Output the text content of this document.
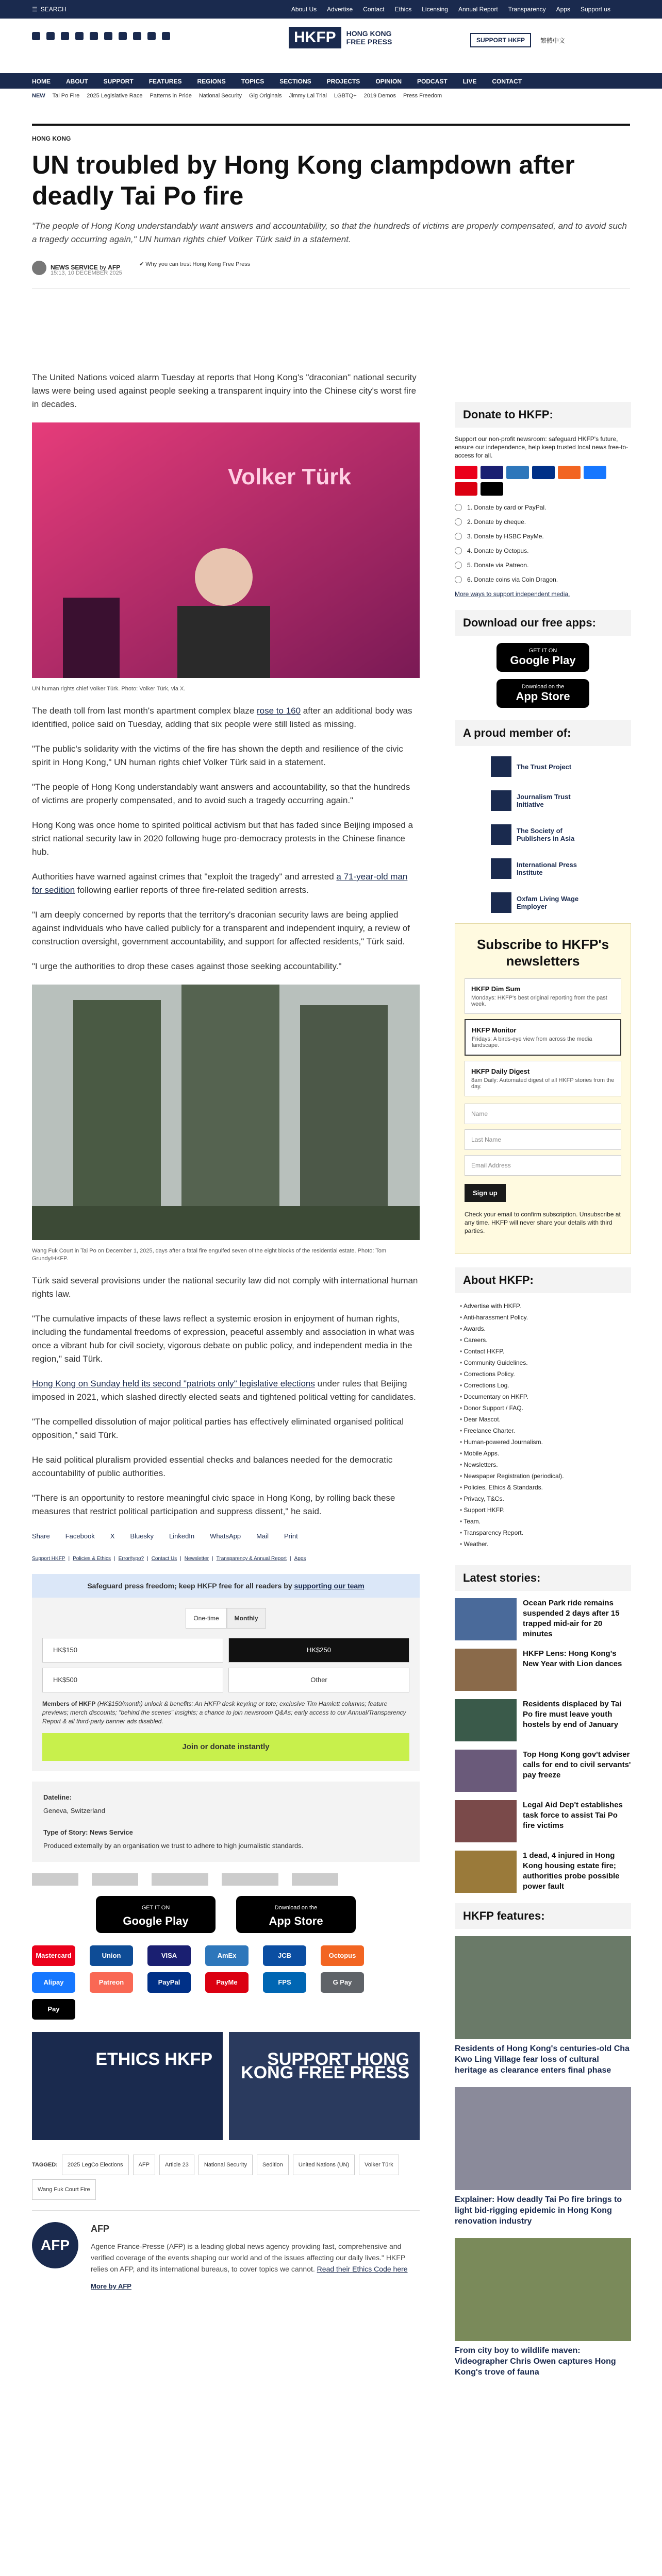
☰ SEARCH	About Us Advertise Contact Ethics Licensing Annual Report Transparency Apps Support us
HKFP	HONG KONG
FREE PRESS	SUPPORT HKFP	繁體中文
HOME	ABOUT	SUPPORT	FEATURES	REGIONS	TOPICS	SECTIONS	PROJECTS	OPINION	PODCAST	LIVE	CONTACT
NEW Tai Po Fire 2025 Legislative Race Patterns in Pride National Security Gig Originals Jimmy Lai Trial LGBTQ+ 2019 Demos Press Freedom
HONG KONG
UN troubled by Hong Kong clampdown after deadly Tai Po fire
"The people of Hong Kong understandably want answers and accountability, so that the hundreds of victims are properly compensated, and to avoid such a tragedy occurring again," UN human rights chief Volker Türk said in a statement.
NEWS SERVICE by AFP
15:13, 10 DECEMBER 2025
✔ Why you can trust Hong Kong Free Press

The United Nations voiced alarm Tuesday at reports that Hong Kong's "draconian" national security laws were being used against people seeking a transparent inquiry into the Chinese city's worst fire in decades.

Volker Türk
UN human rights chief Volker Türk. Photo: Volker Türk, via X.

The death toll from last month's apartment complex blaze rose to 160 after an additional body was identified, police said on Tuesday, adding that six people were still listed as missing.

"The public's solidarity with the victims of the fire has shown the depth and resilience of the civic spirit in Hong Kong," UN human rights chief Volker Türk said in a statement.

"The people of Hong Kong understandably want answers and accountability, so that the hundreds of victims are properly compensated, and to avoid such a tragedy occurring again."

Hong Kong was once home to spirited political activism but that has faded since Beijing imposed a strict national security law in 2020 following huge pro-democracy protests in the Chinese finance hub.

Authorities have warned against crimes that "exploit the tragedy" and arrested a 71-year-old man for sedition following earlier reports of three fire-related sedition arrests.

"I am deeply concerned by reports that the territory's draconian security laws are being applied against individuals who have called publicly for a transparent and independent inquiry, a review of construction oversight, government accountability, and support for affected residents," Türk said.

"I urge the authorities to drop these cases against those seeking accountability."

Wang Fuk Court in Tai Po on December 1, 2025, days after a fatal fire engulfed seven of the eight blocks of the residential estate. Photo: Tom Grundy/HKFP.

Türk said several provisions under the national security law did not comply with international human rights law.

"The cumulative impacts of these laws reflect a systemic erosion in enjoyment of human rights, including the fundamental freedoms of expression, peaceful assembly and association in what was once a vibrant hub for civil society, vigorous debate on public policy, and independent media in the region," said Türk.

Hong Kong on Sunday held its second "patriots only" legislative elections under rules that Beijing imposed in 2021, which slashed directly elected seats and tightened political vetting for candidates.

"The compelled dissolution of major political parties has effectively eliminated organised political opposition," said Türk.

He said political pluralism provided essential checks and balances needed for the democratic accountability of public authorities.

"There is an opportunity to restore meaningful civic space in Hong Kong, by rolling back these measures that restrict political participation and suppress dissent," he said.

Share Facebook X Bluesky LinkedIn WhatsApp Mail Print
Support HKFP | Policies & Ethics | Error/typo? | Contact Us | Newsletter | Transparency & Annual Report | Apps
Safeguard press freedom; keep HKFP free for all readers by supporting our team
One-time	Monthly
HK$150	HK$250
HK$500	Other
Members of HKFP (HK$150/month) unlock & benefits: An HKFP desk keyring or tote; exclusive Tim Hamlett columns; feature previews; merch discounts; "behind the scenes" insights; a chance to join newsroom Q&As; early access to our Annual/Transparency Report & all third-party banner ads disabled.
Join or donate instantly
Dateline:
Geneva, Switzerland
Type of Story: News Service
Produced externally by an organisation we trust to adhere to high journalistic standards.
GET IT ON
Google Play
Download on the
App Store
Mastercard	Union	VISA	AmEx	JCB	Octopus
Alipay	Patreon	PayPal	PayMe	FPS	G Pay
Pay
ETHICS HKFP	SUPPORT HONG KONG FREE PRESS
TAGGED:	2025 LegCo Elections	AFP	Article 23	National Security	Sedition	United Nations (UN)	Volker Türk
Wang Fuk Court Fire
AFP
AFP
Agence France-Presse (AFP) is a leading global news agency providing fast, comprehensive and verified coverage of the events shaping our world and of the issues affecting our daily lives." HKFP relies on AFP, and its international bureaus, to cover topics we cannot. Read their Ethics Code here
More by AFP
Donate to HKFP:
Support our non-profit newsroom: safeguard HKFP's future, ensure our independence, help keep trusted local news free-to-access for all.
1. Donate by card or PayPal.
2. Donate by cheque.
3. Donate by HSBC PayMe.
4. Donate by Octopus.
5. Donate via Patreon.
6. Donate coins via Coin Dragon.
More ways to support independent media.
Download our free apps:
GET IT ON
Google Play
Download on the
App Store
A proud member of:
The Trust Project
Journalism Trust Initiative
The Society of Publishers in Asia
International Press Institute
Oxfam Living Wage Employer
Subscribe to HKFP's newsletters
HKFP Dim Sum
Mondays: HKFP's best original reporting from the past week.
HKFP Monitor
Fridays: A birds-eye view from across the media landscape.
HKFP Daily Digest
8am Daily: Automated digest of all HKFP stories from the day.
Name
Last Name
Email Address
Sign up
Check your email to confirm subscription. Unsubscribe at any time. HKFP will never share your details with third parties.
About HKFP:
• Advertise with HKFP.
• Anti-harassment Policy.
• Awards.
• Careers.
• Contact HKFP.
• Community Guidelines.
• Corrections Policy.
• Corrections Log.
• Documentary on HKFP.
• Donor Support / FAQ.
• Dear Mascot.
• Freelance Charter.
• Human-powered Journalism.
• Mobile Apps.
• Newsletters.
• Newspaper Registration (periodical).
• Policies, Ethics & Standards.
• Privacy, T&Cs.
• Support HKFP.
• Team.
• Transparency Report.
• Weather.
Latest stories:
Ocean Park ride remains suspended 2 days after 15 trapped mid-air for 20 minutes
HKFP Lens: Hong Kong's New Year with Lion dances
Residents displaced by Tai Po fire must leave youth hostels by end of January
Top Hong Kong gov't adviser calls for end to civil servants' pay freeze
Legal Aid Dep't establishes task force to assist Tai Po fire victims
1 dead, 4 injured in Hong Kong housing estate fire; authorities probe possible power fault
HKFP features:
Residents of Hong Kong's centuries-old Cha Kwo Ling Village fear loss of cultural heritage as clearance enters final phase
Explainer: How deadly Tai Po fire brings to light bid-rigging epidemic in Hong Kong renovation industry
From city boy to wildlife maven: Videographer Chris Owen captures Hong Kong's trove of fauna
